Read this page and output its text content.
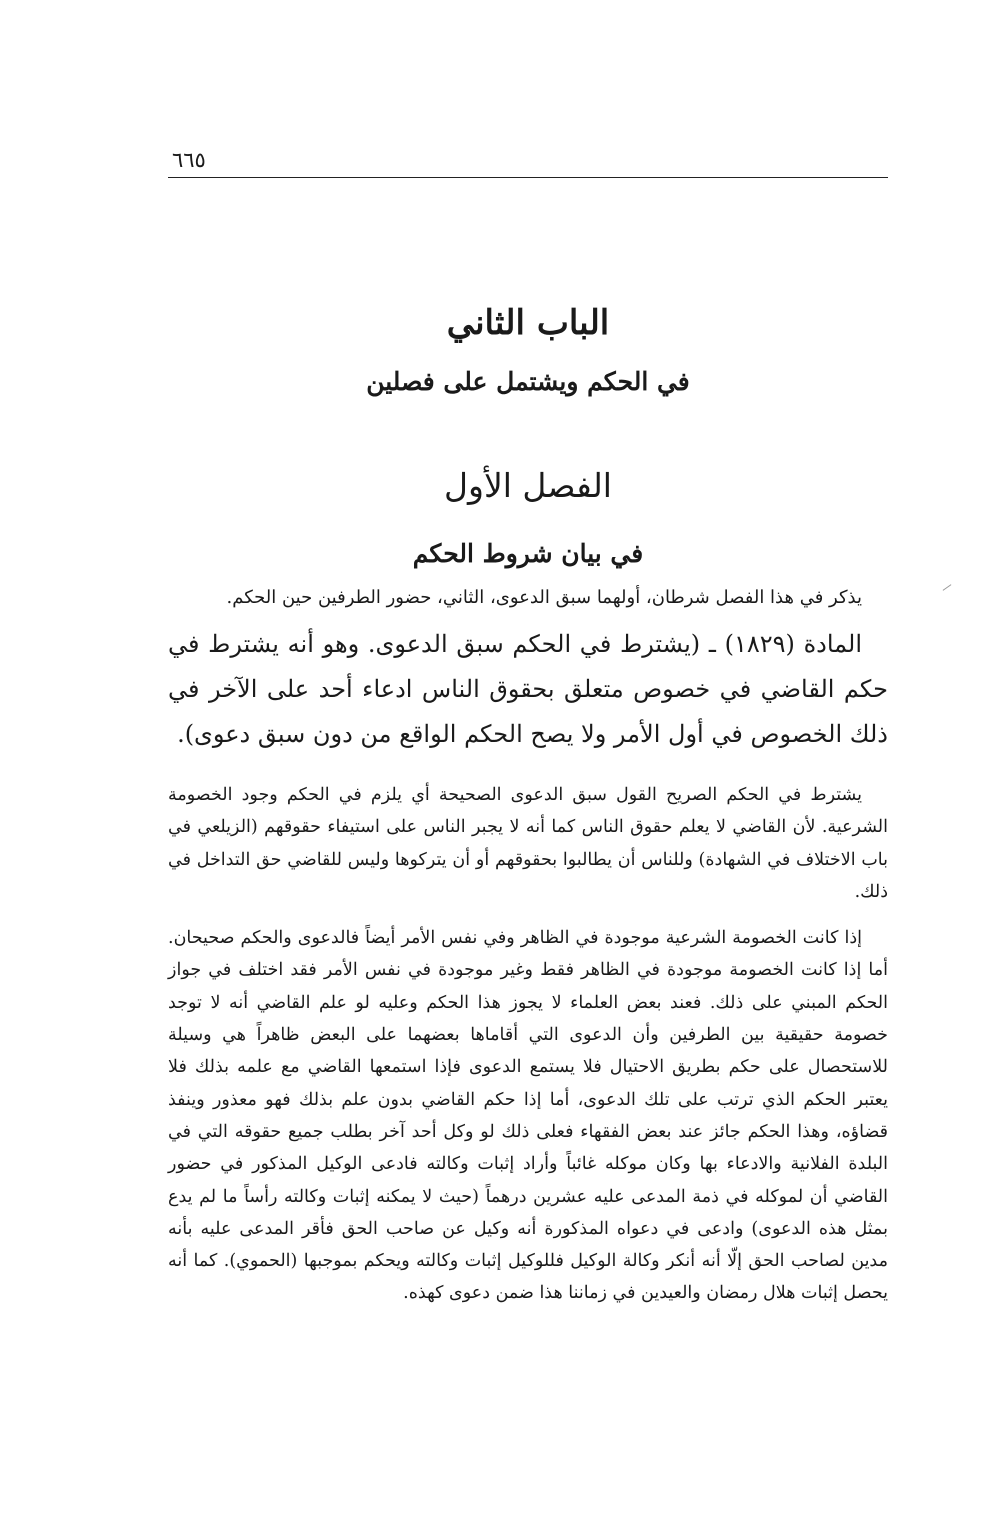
٦٦٥
الباب الثاني
في الحكم ويشتمل على فصلين
الفصل الأول
في بيان شروط الحكم

يذكر في هذا الفصل شرطان، أولهما سبق الدعوى، الثاني، حضور الطرفين حين الحكم.

المادة (١٨٢٩) ـ (يشترط في الحكم سبق الدعوى. وهو أنه يشترط في حكم القاضي في خصوص متعلق بحقوق الناس ادعاء أحد على الآخر في ذلك الخصوص في أول الأمر ولا يصح الحكم الواقع من دون سبق دعوى).

يشترط في الحكم الصريح القول سبق الدعوى الصحيحة أي يلزم في الحكم وجود الخصومة الشرعية. لأن القاضي لا يعلم حقوق الناس كما أنه لا يجبر الناس على استيفاء حقوقهم (الزيلعي في باب الاختلاف في الشهادة) وللناس أن يطالبوا بحقوقهم أو أن يتركوها وليس للقاضي حق التداخل في ذلك.

إذا كانت الخصومة الشرعية موجودة في الظاهر وفي نفس الأمر أيضاً فالدعوى والحكم صحيحان. أما إذا كانت الخصومة موجودة في الظاهر فقط وغير موجودة في نفس الأمر فقد اختلف في جواز الحكم المبني على ذلك. فعند بعض العلماء لا يجوز هذا الحكم وعليه لو علم القاضي أنه لا توجد خصومة حقيقية بين الطرفين وأن الدعوى التي أقاماها بعضهما على البعض ظاهراً هي وسيلة للاستحصال على حكم بطريق الاحتيال فلا يستمع الدعوى فإذا استمعها القاضي مع علمه بذلك فلا يعتبر الحكم الذي ترتب على تلك الدعوى، أما إذا حكم القاضي بدون علم بذلك فهو معذور وينفذ قضاؤه، وهذا الحكم جائز عند بعض الفقهاء فعلى ذلك لو وكل أحد آخر بطلب جميع حقوقه التي في البلدة الفلانية والادعاء بها وكان موكله غائباً وأراد إثبات وكالته فادعى الوكيل المذكور في حضور القاضي أن لموكله في ذمة المدعى عليه عشرين درهماً (حيث لا يمكنه إثبات وكالته رأساً ما لم يدع بمثل هذه الدعوى) وادعى في دعواه المذكورة أنه وكيل عن صاحب الحق فأقر المدعى عليه بأنه مدين لصاحب الحق إلّا أنه أنكر وكالة الوكيل فللوكيل إثبات وكالته ويحكم بموجبها (الحموي). كما أنه يحصل إثبات هلال رمضان والعيدين في زماننا هذا ضمن دعوى كهذه.
